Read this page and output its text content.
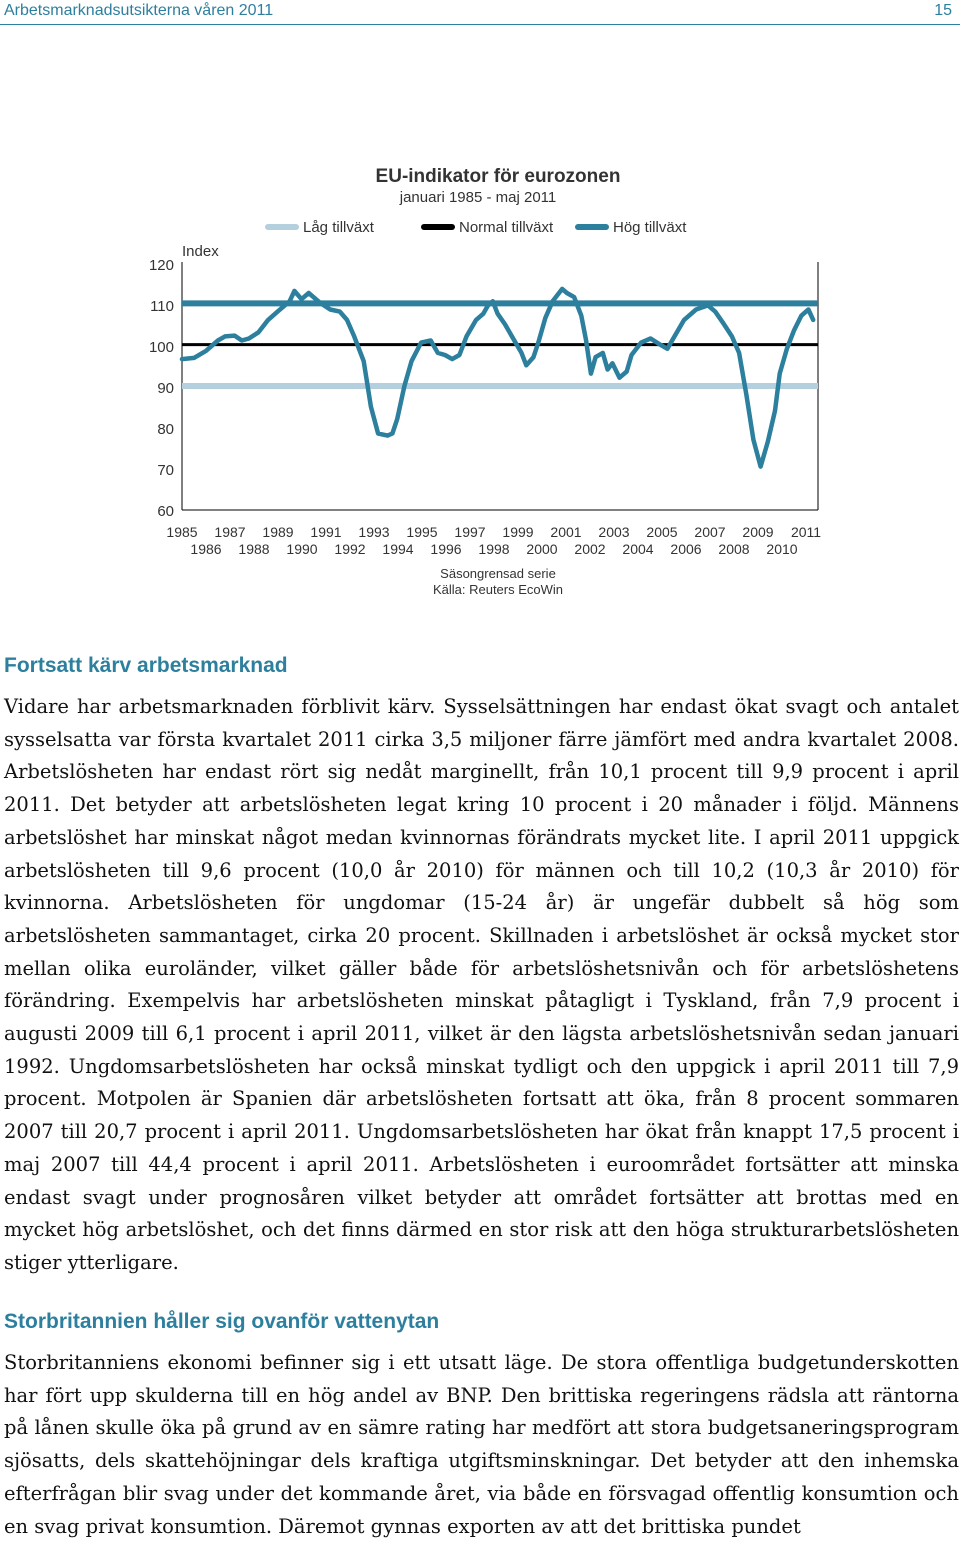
Arbetsmarknadsutsikterna våren 2011	15
EU-indikator för eurozonen
januari 1985 - maj 2011
Låg tillväxt	Normal tillväxt	Hög tillväxt
Index
120
110
100
90
80
70
60
1985 1987 1989 1991 1993 1995 1997 1999 2001 2003 2005 2007 2009 2011
1986 1988 1990 1992 1994 1996 1998 2000 2002 2004 2006 2008 2010
Säsongrensad serie
Källa: Reuters EcoWin
Fortsatt kärv arbetsmarknad

Vidare har arbetsmarknaden förblivit kärv. Sysselsättningen har endast ökat svagt och antalet sysselsatta var första kvartalet 2011 cirka 3,5 miljoner färre jämfört med andra kvartalet 2008. Arbetslösheten har endast rört sig nedåt marginellt, från 10,1 procent till 9,9 procent i april 2011. Det betyder att arbetslösheten legat kring 10 procent i 20 månader i följd. Männens arbetslöshet har minskat något medan kvinnornas förändrats mycket lite. I april 2011 uppgick arbetslösheten till 9,6 procent (10,0 år 2010) för männen och till 10,2 (10,3 år 2010) för kvinnorna. Arbetslösheten för ungdomar (15-24 år) är ungefär dubbelt så hög som arbetslösheten sammantaget, cirka 20 procent. Skillnaden i arbetslöshet är också mycket stor mellan olika euroländer, vilket gäller både för arbetslöshetsnivån och för arbetslöshetens förändring. Exempelvis har arbetslösheten minskat påtagligt i Tyskland, från 7,9 procent i augusti 2009 till 6,1 procent i april 2011, vilket är den lägsta arbetslöshetsnivån sedan januari 1992. Ungdomsarbetslösheten har också minskat tydligt och den uppgick i april 2011 till 7,9 procent. Motpolen är Spanien där arbetslösheten fortsatt att öka, från 8 procent sommaren 2007 till 20,7 procent i april 2011. Ungdomsarbetslösheten har ökat från knappt 17,5 procent i maj 2007 till 44,4 procent i april 2011. Arbetslösheten i euroområdet fortsätter att minska endast svagt under prognosåren vilket betyder att området fortsätter att brottas med en mycket hög arbetslöshet, och det finns därmed en stor risk att den höga strukturarbetslösheten stiger ytterligare.

Storbritannien håller sig ovanför vattenytan

Storbritanniens ekonomi befinner sig i ett utsatt läge. De stora offentliga budgetunderskotten har fört upp skulderna till en hög andel av BNP. Den brittiska regeringens rädsla att räntorna på lånen skulle öka på grund av en sämre rating har medfört att stora budgetsaneringsprogram sjösatts, dels skattehöjningar dels kraftiga utgiftsminskningar. Det betyder att den inhemska efterfrågan blir svag under det kommande året, via både en försvagad offentlig konsumtion och en svag privat konsumtion. Däremot gynnas exporten av att det brittiska pundet
